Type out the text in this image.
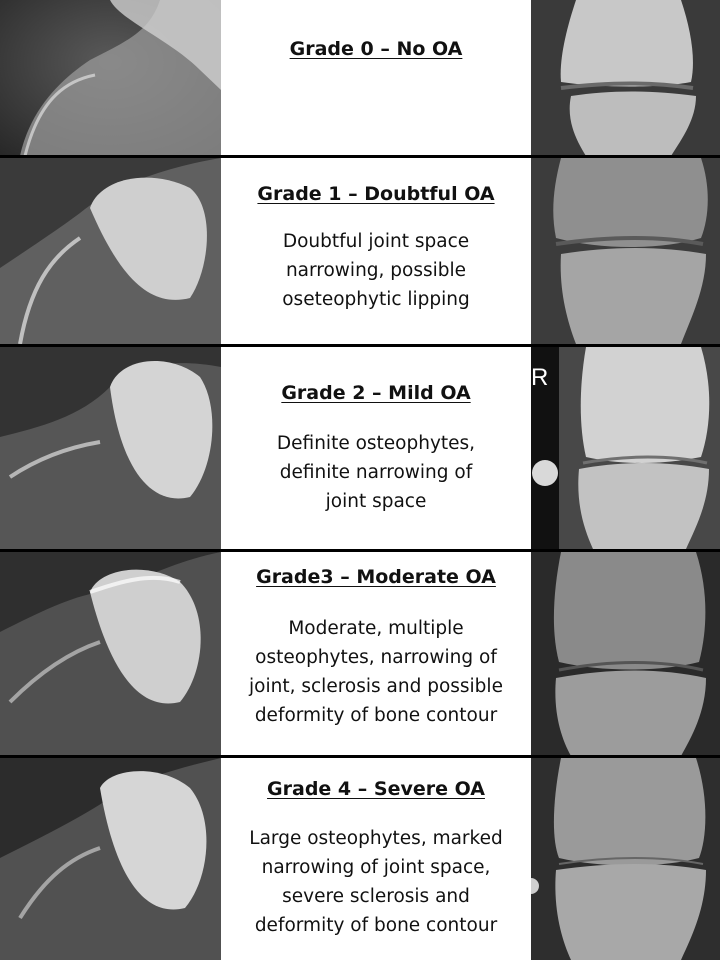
Grade 0 – No OA

Grade 1 – Doubtful OA

Doubtful joint space

narrowing, possible

oseteophytic lipping

Grade 2 – Mild OA

Definite osteophytes,

definite narrowing of

joint space

R

Grade3 – Moderate OA

Moderate, multiple

osteophytes, narrowing of

joint, sclerosis and possible

deformity of bone contour

Grade 4 – Severe OA

Large osteophytes, marked

narrowing of joint space,

severe sclerosis and

deformity of bone contour
